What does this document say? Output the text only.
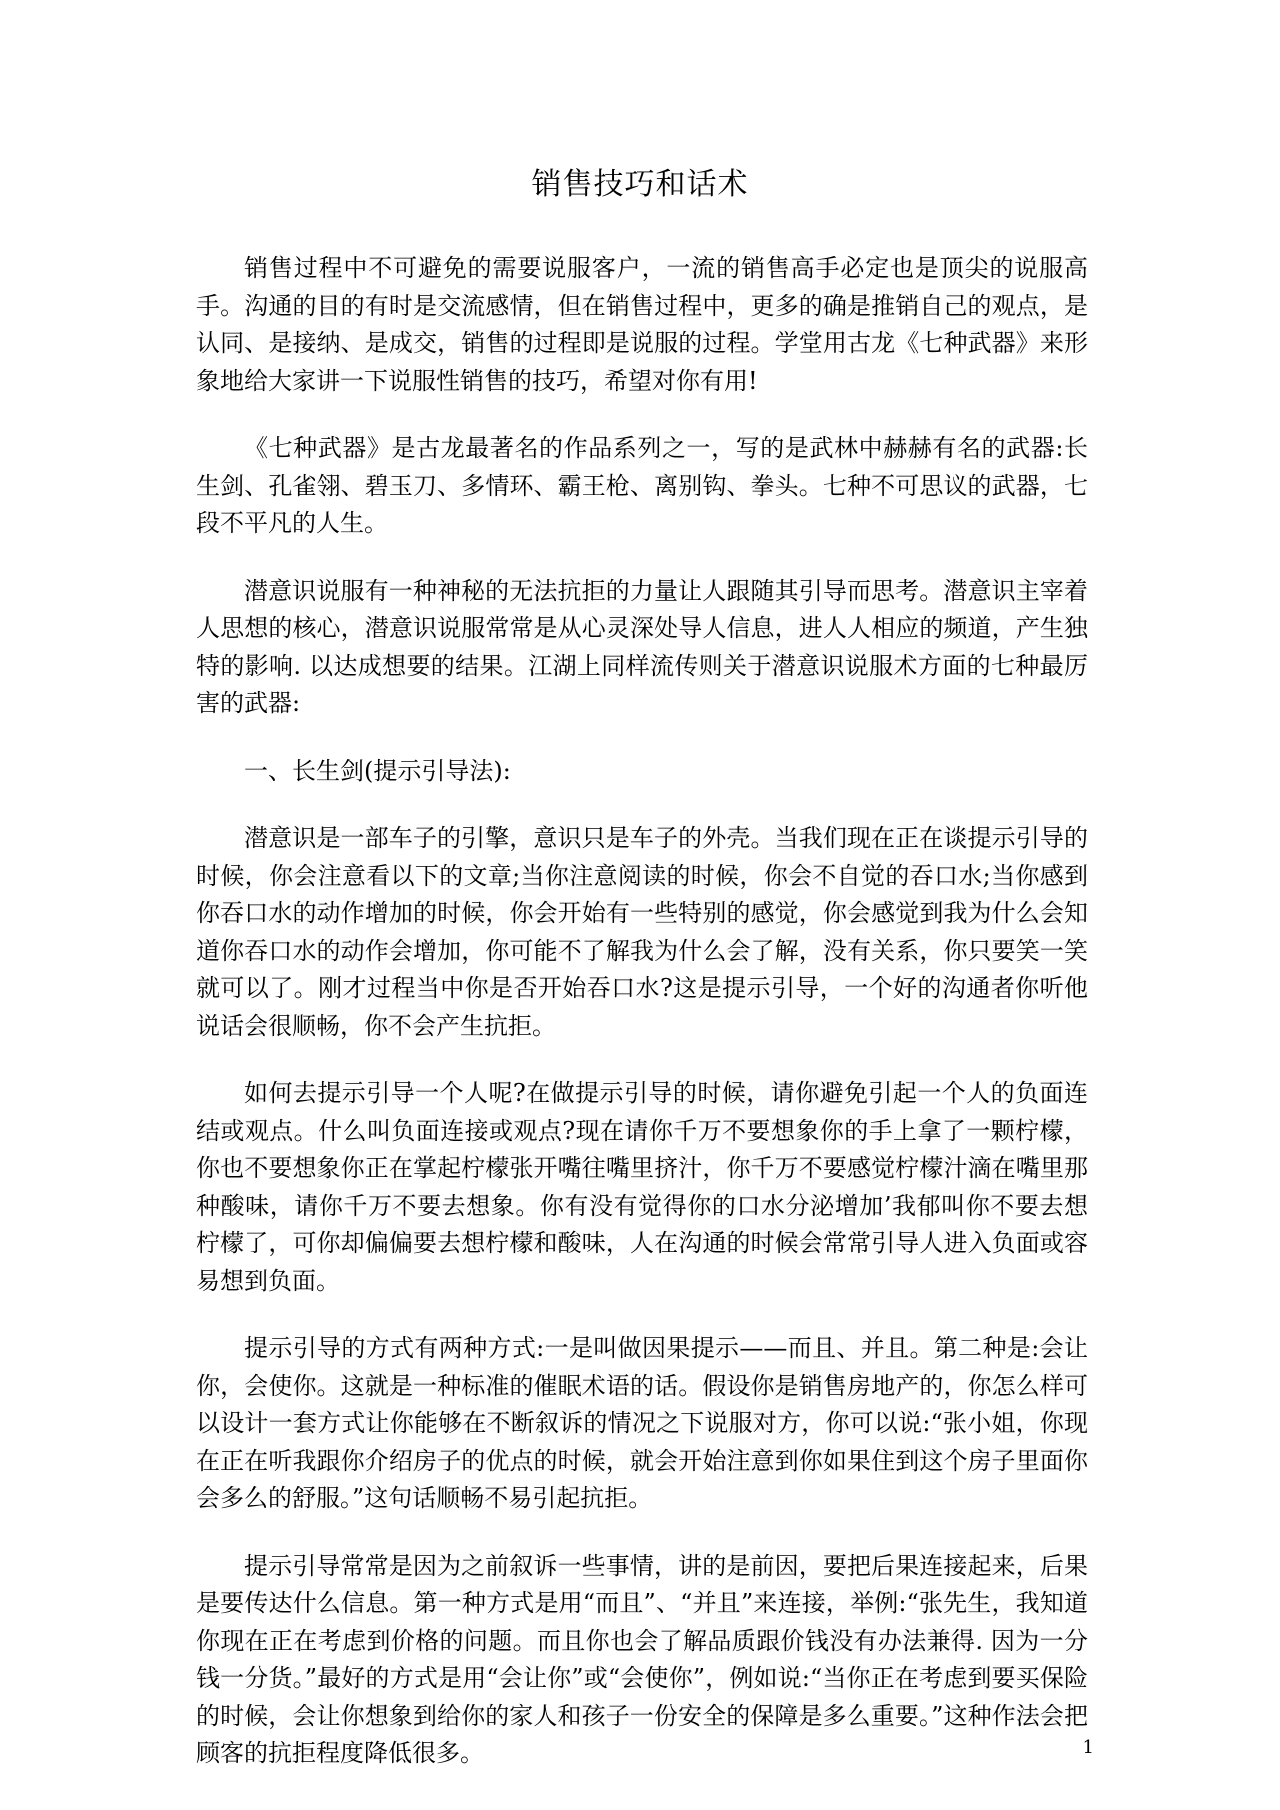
销售技巧和话术

销售过程中不可避免的需要说服客户，一流的销售高手必定也是顶尖的说服高手。沟通的目的有时是交流感情，但在销售过程中，更多的确是推销自己的观点，是认同、是接纳、是成交，销售的过程即是说服的过程。学堂用古龙《七种武器》来形象地给大家讲一下说服性销售的技巧，希望对你有用!

《七种武器》是古龙最著名的作品系列之一，写的是武林中赫赫有名的武器:长生剑、孔雀翎、碧玉刀、多情环、霸王枪、离别钩、拳头。七种不可思议的武器，七段不平凡的人生。

潜意识说服有一种神秘的无法抗拒的力量让人跟随其引导而思考。潜意识主宰着人思想的核心，潜意识说服常常是从心灵深处导人信息，进人人相应的频道，产生独特的影响. 以达成想要的结果。江湖上同样流传则关于潜意识说服术方面的七种最厉害的武器:

一、长生剑(提示引导法):

潜意识是一部车子的引擎，意识只是车子的外壳。当我们现在正在谈提示引导的时候，你会注意看以下的文章;当你注意阅读的时候，你会不自觉的吞口水;当你感到你吞口水的动作增加的时候，你会开始有一些特别的感觉，你会感觉到我为什么会知道你吞口水的动作会增加，你可能不了解我为什么会了解，没有关系，你只要笑一笑就可以了。刚才过程当中你是否开始吞口水?这是提示引导，一个好的沟通者你听他说话会很顺畅，你不会产生抗拒。

如何去提示引导一个人呢?在做提示引导的时候，请你避免引起一个人的负面连结或观点。什么叫负面连接或观点?现在请你千万不要想象你的手上拿了一颗柠檬，你也不要想象你正在掌起柠檬张开嘴往嘴里挤汁，你千万不要感觉柠檬汁滴在嘴里那种酸味，请你千万不要去想象。你有没有觉得你的口水分泌增加’我郁叫你不要去想柠檬了，可你却偏偏要去想柠檬和酸味，人在沟通的时候会常常引导人进入负面或容易想到负面。

提示引导的方式有两种方式:一是叫做因果提示——而且、并且。第二种是:会让你，会使你。这就是一种标准的催眠术语的话。假设你是销售房地产的，你怎么样可以设计一套方式让你能够在不断叙诉的情况之下说服对方，你可以说:“张小姐，你现在正在听我跟你介绍房子的优点的时候，就会开始注意到你如果住到这个房子里面你会多么的舒服。”这句话顺畅不易引起抗拒。

提示引导常常是因为之前叙诉一些事情，讲的是前因，要把后果连接起来，后果是要传达什么信息。第一种方式是用“而且”、“并且”来连接，举例:“张先生，我知道你现在正在考虑到价格的问题。而且你也会了解品质跟价钱没有办法兼得. 因为一分钱一分货。”最好的方式是用“会让你”或“会使你”，例如说:“当你正在考虑到要买保险的时候，会让你想象到给你的家人和孩子一份安全的保障是多么重要。”这种作法会把顾客的抗拒程度降低很多。	1
